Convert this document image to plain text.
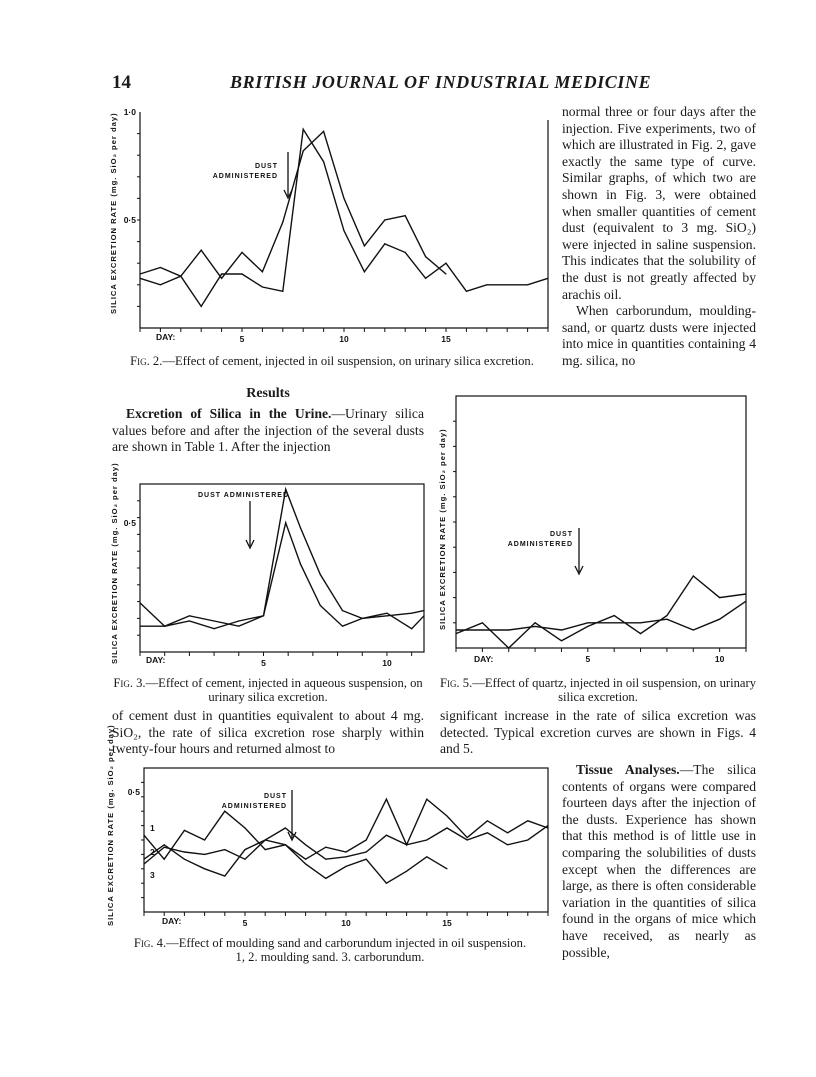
14	BRITISH JOURNAL OF INDUSTRIAL MEDICINE

normal three or four days after the injection. Five experiments, two of which are illustrated in Fig. 2, gave exactly the same type of curve. Similar graphs, of which two are shown in Fig. 3, were obtained when smaller quantities of cement dust (equivalent to 3 mg. SiO₂) were injected in saline suspension. This indicates that the solubility of the dust is not greatly affected by arachis oil.

When carborundum, moulding-sand, or quartz dusts were injected into mice in quantities containing 4 mg. silica, no

SILICA EXCRETION RATE (mg. SiO₂ per day)
5	10	15
1·0
0·5
DUST
ADMINISTERED
DAY:
Fig. 2.—Effect of cement, injected in oil suspension, on urinary silica excretion.
Results

Excretion of Silica in the Urine.—Urinary silica values before and after the injection of the several dusts are shown in Table 1. After the injection

SILICA EXCRETION RATE (mg. SiO₂ per day)	5	10
0·5
DUST ADMINISTERED
DAY:
SILICA EXCRETION RATE (mg. SiO₂ per day)
5	10
DUST
ADMINISTERED
DAY:
Fig. 3.—Effect of cement, injected in aqueous suspension, on urinary silica excretion.
Fig. 5.—Effect of quartz, injected in oil suspension, on urinary silica excretion.

of cement dust in quantities equivalent to about 4 mg. SiO₂, the rate of silica excretion rose sharply within twenty-four hours and returned almost to

significant increase in the rate of silica excretion was detected. Typical excretion curves are shown in Figs. 4 and 5.

SILICA EXCRETION RATE (mg. SiO₂ per day)	5	10	15
0·5
1
2
3
DUST
ADMINISTERED
DAY:
Fig. 4.—Effect of moulding sand and carborundum injected in oil suspension.
1, 2. moulding sand. 3. carborundum.

Tissue Analyses.—The silica contents of organs were compared fourteen days after the injection of the dusts. Experience has shown that this method is of little use in comparing the solubilities of dusts except when the differences are large, as there is often considerable variation in the quantities of silica found in the organs of mice which have received, as nearly as possible,
